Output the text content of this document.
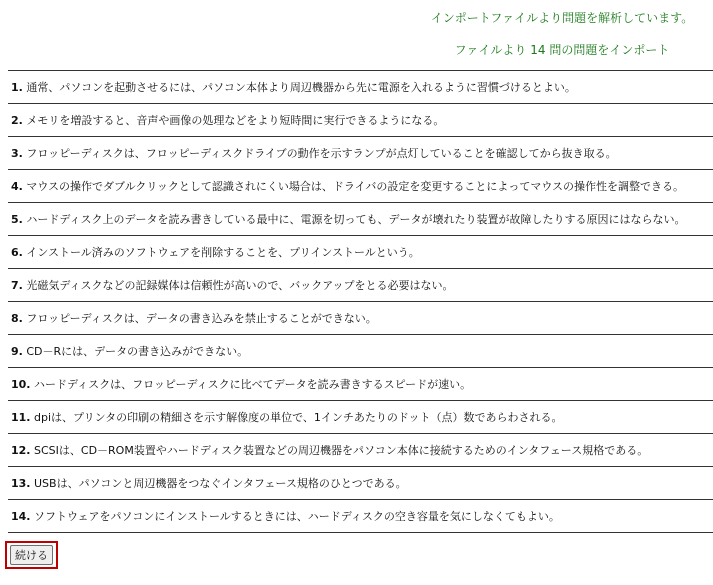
インポートファイルより問題を解析しています。
ファイルより 14 問の問題をインポート
1. 通常、パソコンを起動させるには、パソコン本体より周辺機器から先に電源を入れるように習慣づけるとよい。
2. メモリを増設すると、音声や画像の処理などをより短時間に実行できるようになる。
3. フロッピーディスクは、フロッピーディスクドライブの動作を示すランプが点灯していることを確認してから抜き取る。
4. マウスの操作でダブルクリックとして認識されにくい場合は、ドライバの設定を変更することによってマウスの操作性を調整できる。
5. ハードディスク上のデータを読み書きしている最中に、電源を切っても、データが壊れたり装置が故障したりする原因にはならない。
6. インストール済みのソフトウェアを削除することを、プリインストールという。
7. 光磁気ディスクなどの記録媒体は信頼性が高いので、バックアップをとる必要はない。
8. フロッピーディスクは、データの書き込みを禁止することができない。
9. CD－Rには、データの書き込みができない。
10. ハードディスクは、フロッピーディスクに比べてデータを読み書きするスピードが速い。
11. dpiは、プリンタの印刷の精細さを示す解像度の単位で、1インチあたりのドット（点）数であらわされる。
12. SCSIは、CD－ROM装置やハードディスク装置などの周辺機器をパソコン本体に接続するためのインタフェース規格である。
13. USBは、パソコンと周辺機器をつなぐインタフェース規格のひとつである。
14. ソフトウェアをパソコンにインストールするときには、ハードディスクの空き容量を気にしなくてもよい。
続ける
